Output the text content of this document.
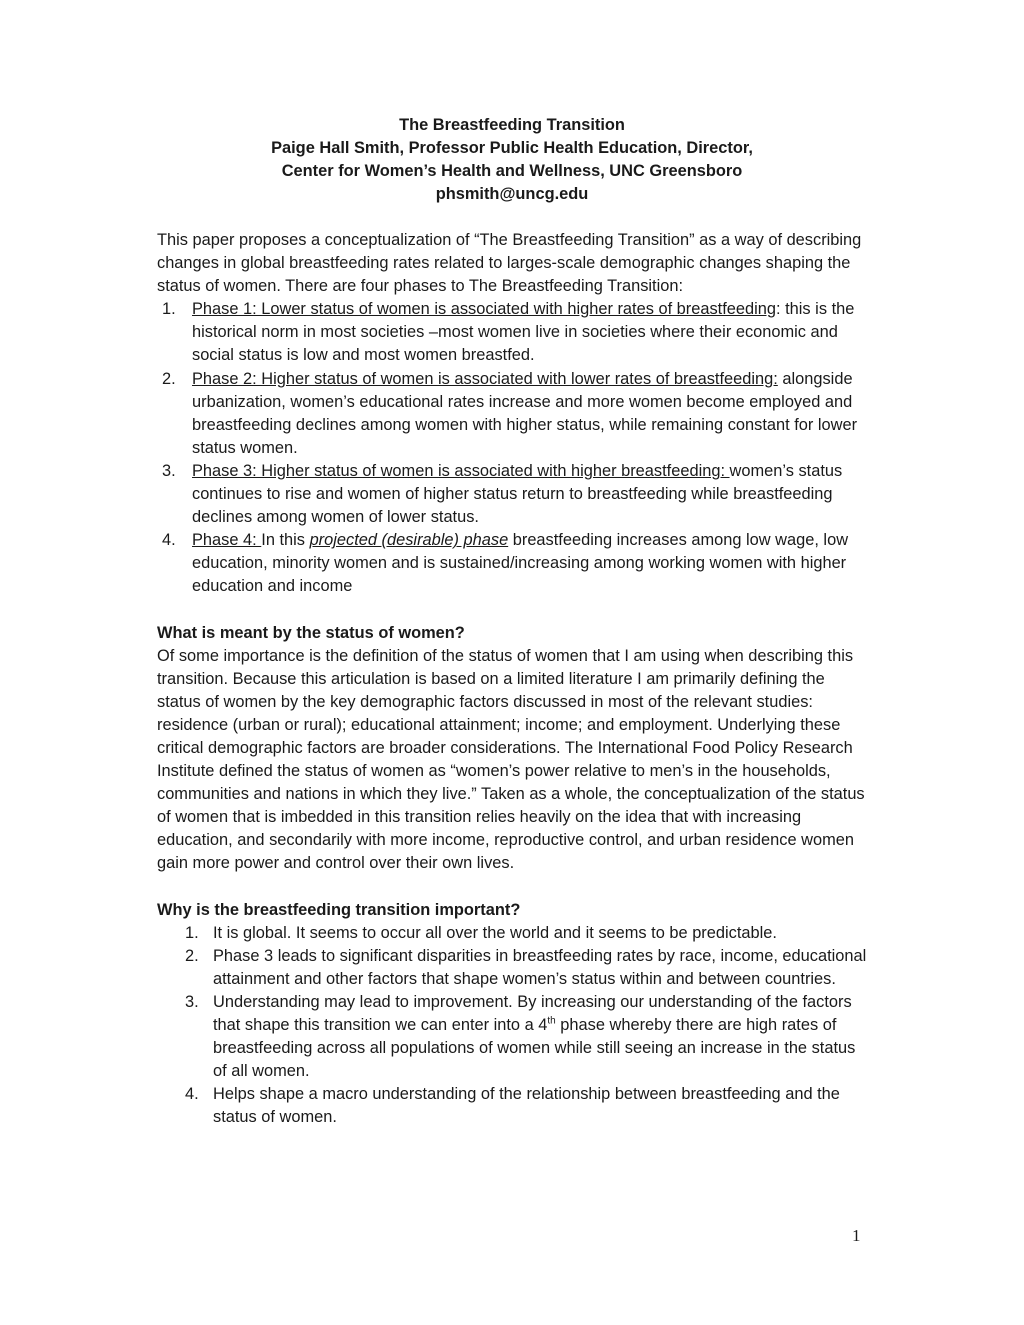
The Breastfeeding Transition
Paige Hall Smith, Professor Public Health Education, Director,
Center for Women’s Health and Wellness, UNC Greensboro
phsmith@uncg.edu

This paper proposes a conceptualization of “The Breastfeeding Transition” as a way of describing changes in global breastfeeding rates related to larges-scale demographic changes shaping the status of women. There are four phases to The Breastfeeding Transition:

1. Phase 1: Lower status of women is associated with higher rates of breastfeeding: this is the historical norm in most societies –most women live in societies where their economic and social status is low and most women breastfed.
2. Phase 2: Higher status of women is associated with lower rates of breastfeeding: alongside urbanization, women’s educational rates increase and more women become employed and breastfeeding declines among women with higher status, while remaining constant for lower status women.
3. Phase 3: Higher status of women is associated with higher breastfeeding: women’s status continues to rise and women of higher status return to breastfeeding while breastfeeding declines among women of lower status.
4. Phase 4: In this projected (desirable) phase breastfeeding increases among low wage, low education, minority women and is sustained/increasing among working women with higher education and income

What is meant by the status of women?

Of some importance is the definition of the status of women that I am using when describing this transition. Because this articulation is based on a limited literature I am primarily defining the status of women by the key demographic factors discussed in most of the relevant studies: residence (urban or rural); educational attainment; income; and employment. Underlying these critical demographic factors are broader considerations. The International Food Policy Research Institute defined the status of women as “women’s power relative to men’s in the households, communities and nations in which they live.” Taken as a whole, the conceptualization of the status of women that is imbedded in this transition relies heavily on the idea that with increasing education, and secondarily with more income, reproductive control, and urban residence women gain more power and control over their own lives.

Why is the breastfeeding transition important?

1. It is global. It seems to occur all over the world and it seems to be predictable.
2. Phase 3 leads to significant disparities in breastfeeding rates by race, income, educational attainment and other factors that shape women’s status within and between countries.
3. Understanding may lead to improvement. By increasing our understanding of the factors that shape this transition we can enter into a 4th phase whereby there are high rates of breastfeeding across all populations of women while still seeing an increase in the status of all women.
4. Helps shape a macro understanding of the relationship between breastfeeding and the status of women.
1
